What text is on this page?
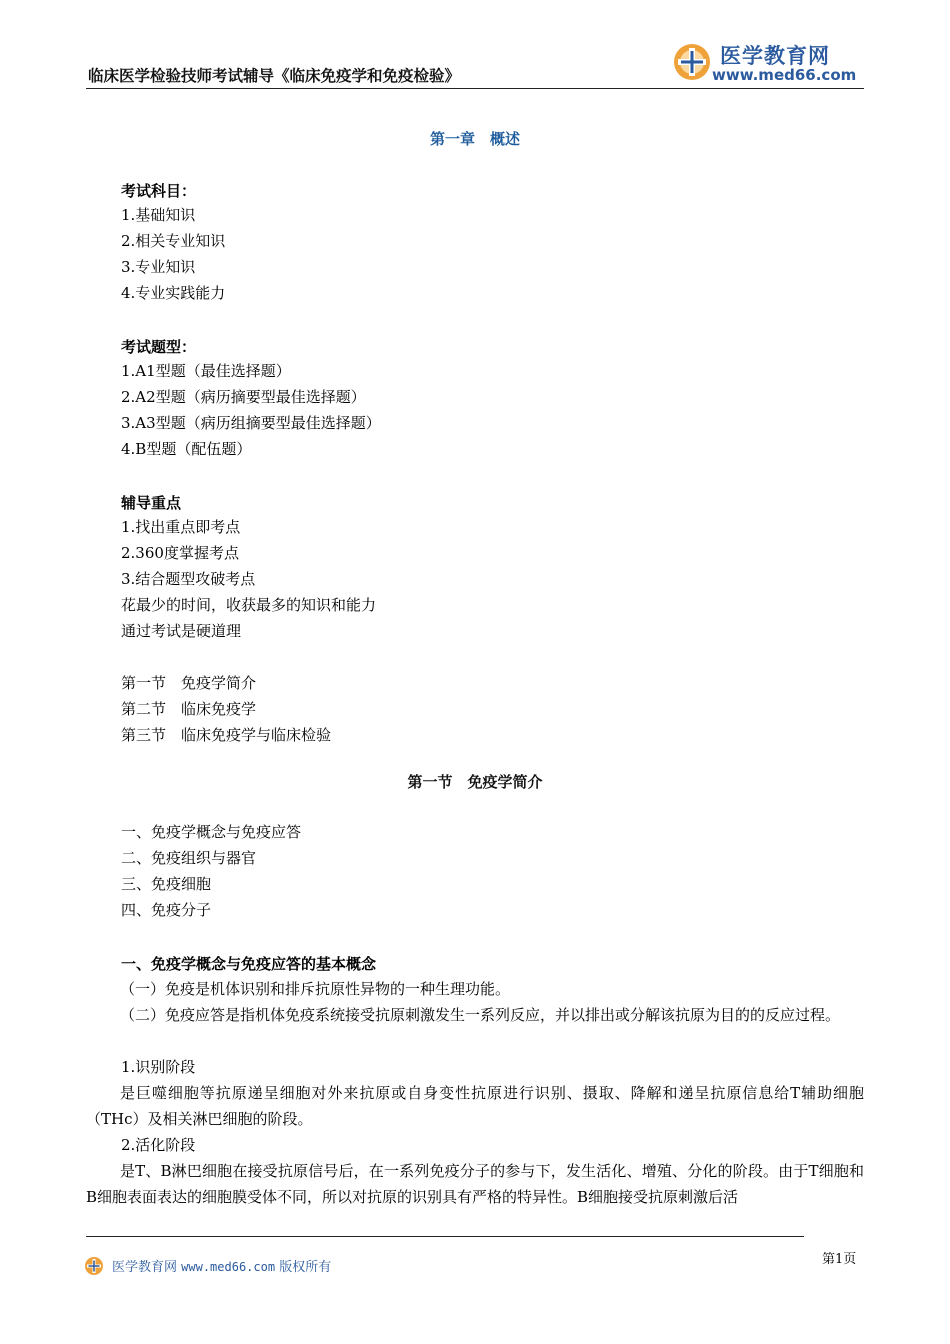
临床医学检验技师考试辅导《临床免疫学和免疫检验》
医学教育网
www.med66.com
第一章　概述
考试科目：
1.基础知识
2.相关专业知识
3.专业知识
4.专业实践能力
考试题型：
1.A1型题（最佳选择题）
2.A2型题（病历摘要型最佳选择题）
3.A3型题（病历组摘要型最佳选择题）
4.B型题（配伍题）
辅导重点
1.找出重点即考点
2.360度掌握考点
3.结合题型攻破考点
花最少的时间，收获最多的知识和能力
通过考试是硬道理
第一节　免疫学简介
第二节　临床免疫学
第三节　临床免疫学与临床检验
第一节　免疫学简介
一、免疫学概念与免疫应答
二、免疫组织与器官
三、免疫细胞
四、免疫分子
一、免疫学概念与免疫应答的基本概念
（一）免疫是机体识别和排斥抗原性异物的一种生理功能。
（二）免疫应答是指机体免疫系统接受抗原刺激发生一系列反应，并以排出或分解该抗原为目的的反应过程。
1.识别阶段
是巨噬细胞等抗原递呈细胞对外来抗原或自身变性抗原进行识别、摄取、降解和递呈抗原信息给T辅助细胞（THc）及相关淋巴细胞的阶段。
2.活化阶段
是T、B淋巴细胞在接受抗原信号后，在一系列免疫分子的参与下，发生活化、增殖、分化的阶段。由于T细胞和B细胞表面表达的细胞膜受体不同，所以对抗原的识别具有严格的特异性。B细胞接受抗原刺激后活
医学教育网 www.med66.com 版权所有
第1页
